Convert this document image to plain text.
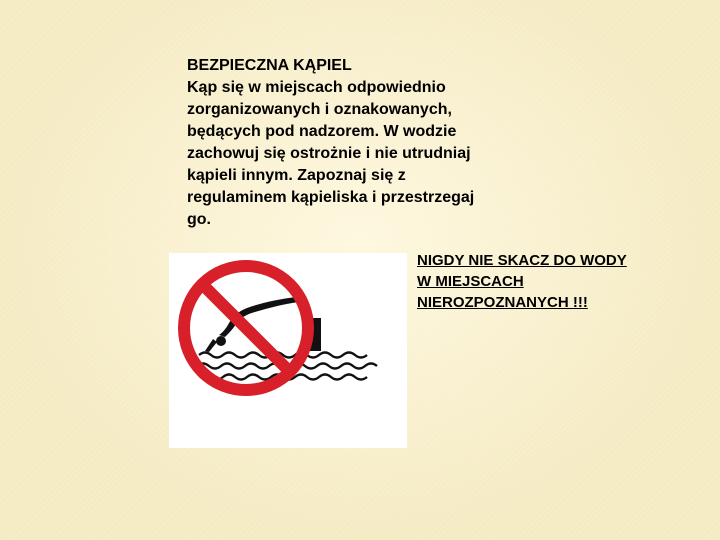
BEZPIECZNA KĄPIEL
Kąp się w miejscach odpowiednio
zorganizowanych i oznakowanych,
będących pod nadzorem. W wodzie
zachowuj się ostrożnie i nie utrudniaj
kąpieli innym. Zapoznaj się z
regulaminem kąpieliska i przestrzegaj
go.
NIGDY NIE SKACZ DO WODY
W MIEJSCACH
NIEROZPOZNANYCH !!!
